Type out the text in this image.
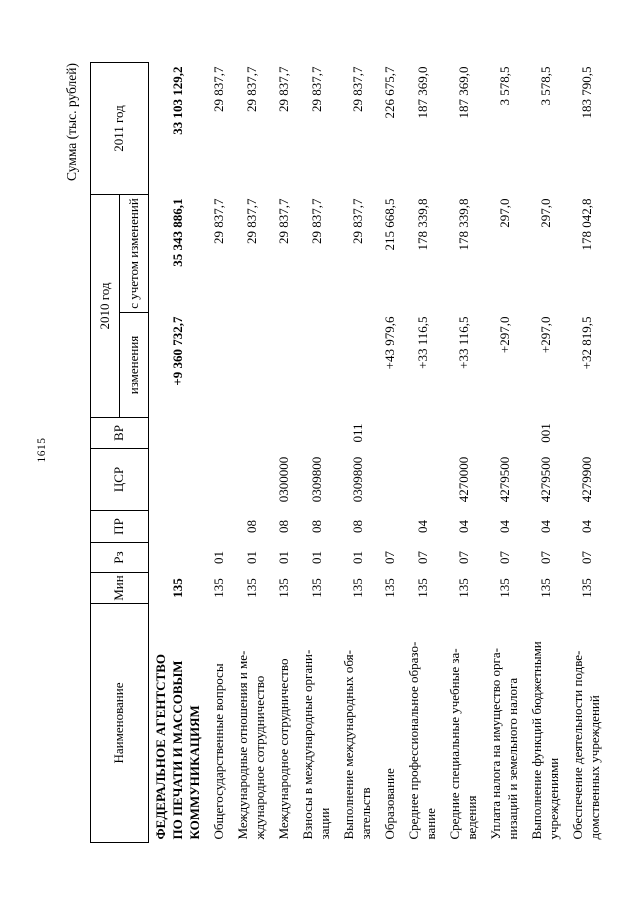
1615
Сумма (тыс. рублей)
Наименование	Мин	Рз	ПР	ЦСР	ВР	2010 год		2011 год
						изменения	с учетом изменений	

ФЕДЕРАЛЬНОЕ АГЕНТСТВО ПО ПЕЧАТИ И МАССОВЫМ КОММУНИКАЦИЯМ	135					+9 360 732,7	35 343 886,1	33 103 129,2

Общегосударственные вопросы	135	01					29 837,7	29 837,7

Международные отношения и ме- ждународное сотрудничество	135	01	08				29 837,7	29 837,7

Международное сотрудничество	135	01	08	0300000			29 837,7	29 837,7

Взносы в международные органи- зации	135	01	08	0309800			29 837,7	29 837,7

Выполнение международных обя- зательств	135	01	08	0309800	011		29 837,7	29 837,7

Образование	135	07				+43 979,6	215 668,5	226 675,7

Среднее профессиональное образо- вание	135	07	04			+33 116,5	178 339,8	187 369,0

Средние специальные учебные за- ведения	135	07	04	4270000		+33 116,5	178 339,8	187 369,0

Уплата налога на имущество орга- низаций и земельного налога	135	07	04	4279500		+297,0	297,0	3 578,5

Выполнение функций бюджетными учреждениями	135	07	04	4279500	001	+297,0	297,0	3 578,5

Обеспечение деятельности подве- домственных учреждений	135	07	04	4279900		+32 819,5	178 042,8	183 790,5
